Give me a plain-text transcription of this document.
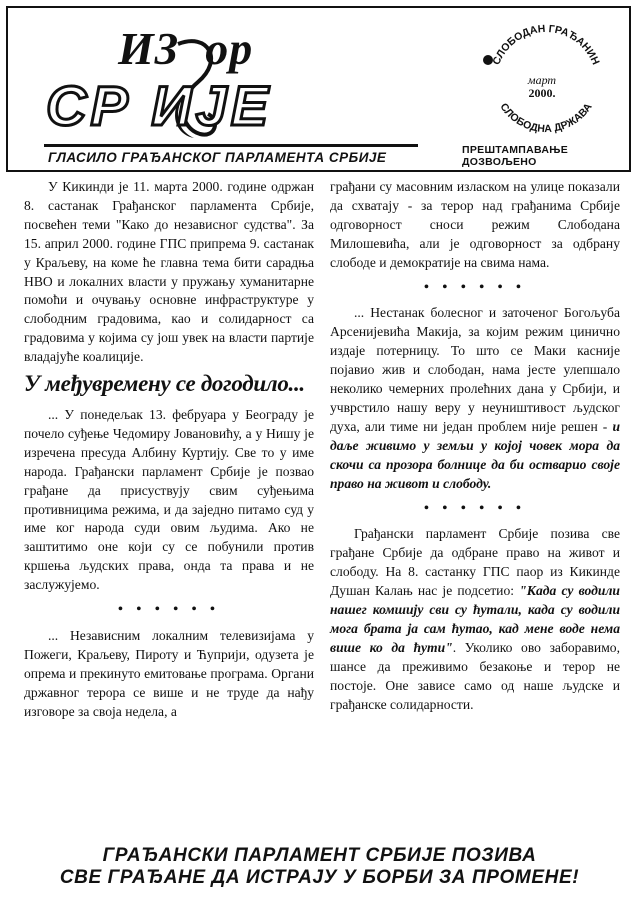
ИЗ ор
СР ИЈЕ
ГЛАСИЛО ГРАЂАНСКОГ ПАРЛАМЕНТА СРБИЈЕ
СЛОБОДАН ГРАЂАНИН
СЛОБОДНА ДРЖАВА
март
2000.
ПРЕШТАМПАВАЊЕ ДОЗВОЉЕНО

У Кикинди је 11. марта 2000. године одржан 8. састанак Грађанског парламента Србије, посвећен теми "Како до независног судства". За 15. април 2000. године ГПС припрема 9. састанак у Краљеву, на коме ће главна тема бити сарадња НВО и локалних власти у пружању хуманитарне помоћи и очувању основне инфраструктуре у слободним градовима, као и солидарност са градовима у којима су још увек на власти партије владајуће коалиције.

У међувремену се догодило...

... У понедељак 13. фебруара у Београду је почело суђење Чедомиру Јовановићу, а у Нишу је изречена пресуда Албину Куртију. Све то у име народа. Грађански парламент Србије је позвао грађане да присуствују свим суђењима противницима режима, и да заједно питамо суд у име ког народа суди овим људима. Ако не заштитимо оне који су се побунили против кршења људских права, онда та права и не заслужујемо.

• • • • • •

... Независним локалним телевизијама у Пожеги, Краљеву, Пироту и Ћуприји, одузета је опрема и прекинуто емитовање програма. Органи државног терора се више и не труде да нађу изговоре за своја недела, а

грађани су масовним изласком на улице показали да схватају - за терор над грађанима Србије одговорност сноси режим Слободана Милошевића, али је одговорност за одбрану слободе и демократије на свима нама.

• • • • • •

... Нестанак болесног и заточеног Богољуба Арсенијевића Макија, за којим режим цинично издаје потерницу. То што се Маки касније појавио жив и слободан, нама јесте улепшало неколико чемерних пролећних дана у Србији, и учврстило нашу веру у неуништивост људског духа, али тиме ни један проблем није решен - и даље живимо у земљи у којој човек мора да скочи са прозора болнице да би остварио своје право на живот и слободу.

• • • • • •

Грађански парламент Србије позива све грађане Србије да одбране право на живот и слободу. На 8. састанку ГПС паор из Кикинде Душан Калањ нас је подсетио: "Када су водили нашег комшију сви су ћутали, када су водили мога брата ја сам ћутао, кад мене воде нема више ко да ћути". Уколико ово заборавимо, шансе да преживимо безакоње и терор не постоје. Оне зависе само од наше људске и грађанске солидарности.

ГРАЂАНСКИ ПАРЛАМЕНТ СРБИЈЕ ПОЗИВА
СВЕ ГРАЂАНЕ ДА ИСТРАЈУ У БОРБИ ЗА ПРОМЕНЕ!
